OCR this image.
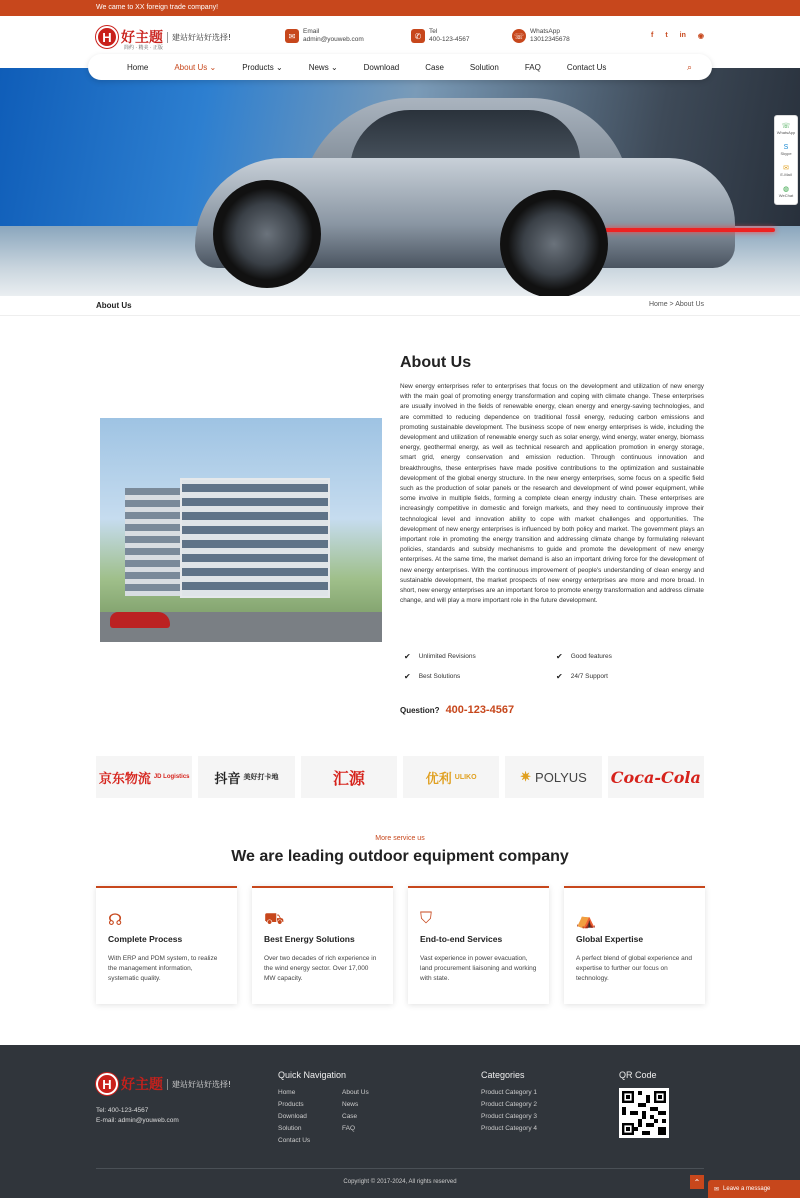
We came to XX foreign trade company!
H 好主题
简约 · 精美 · 正版
建站好站好选择!	✉	Email
admin@youweb.com	✆	Tel
400-123-4567	☏ WhatsApp
13012345678
f t in ◉
Home	About Us ⌄	Products ⌄	News ⌄	Download	Case	Solution	FAQ	Contact Us	⌕
☏
WhatsApp
S
Skype
✉
E-Mail
◍
WeChat
About Us	Home > About Us
About Us
New energy enterprises refer to enterprises that focus on the development and utilization of new energy with the main goal of promoting energy transformation and coping with climate change. These enterprises are usually involved in the fields of renewable energy, clean energy and energy-saving technologies, and are committed to reducing dependence on traditional fossil energy, reducing carbon emissions and promoting sustainable development. The business scope of new energy enterprises is wide, including the development and utilization of renewable energy such as solar energy, wind energy, water energy, biomass energy, geothermal energy, as well as technical research and application promotion in energy storage, smart grid, energy conservation and emission reduction. Through continuous innovation and breakthroughs, these enterprises have made positive contributions to the optimization and sustainable development of the global energy structure. In the new energy enterprises, some focus on a specific field such as the production of solar panels or the research and development of wind power equipment, while some involve in multiple fields, forming a complete clean energy industry chain. These enterprises are increasingly competitive in domestic and foreign markets, and they need to continuously improve their technological level and innovation ability to cope with market challenges and opportunities. The development of new energy enterprises is influenced by both policy and market. The government plays an important role in promoting the energy transition and addressing climate change by formulating relevant policies, standards and subsidy mechanisms to guide and promote the development of new energy enterprises. At the same time, the market demand is also an important driving force for the development of new energy enterprises. With the continuous improvement of people's understanding of clean energy and sustainable development, the market prospects of new energy enterprises are more and more broad. In short, new energy enterprises are an important force to promote energy transformation and address climate change, and will play a more important role in the future development.
✔ Unlimited Revisions	✔ Good features
✔ Best Solutions	✔ 24/7 Support
Question? 400-123-4567
京东物流 JD Logistics 抖音 美好打卡地	汇源	优利 ULIKO	✷ POLYUS Coca-Cola
More service us
We are leading outdoor equipment company
☊
Complete Process
With ERP and PDM system, to realize the management information, systematic quality.
⛟
Best Energy Solutions
Over two decades of rich experience in the wind energy sector. Over 17,000 MW capacity.
⛉
End-to-end Services
Vast experience in power evacuation, land procurement liaisoning and working with state.
⛺
Global Expertise
A perfect blend of global experience and expertise to further our focus on technology.
H 好主题	建站好站好选择!
Tel: 400-123-4567
E-mail: admin@youweb.com
Quick Navigation
Home
Products
Download
Solution
Contact Us
About Us
News
Case
FAQ
Categories
Product Category 1
Product Category 2
Product Category 3
Product Category 4
QR Code
Copyright © 2017-2024, All rights reserved	⌃
✉ Leave a message
